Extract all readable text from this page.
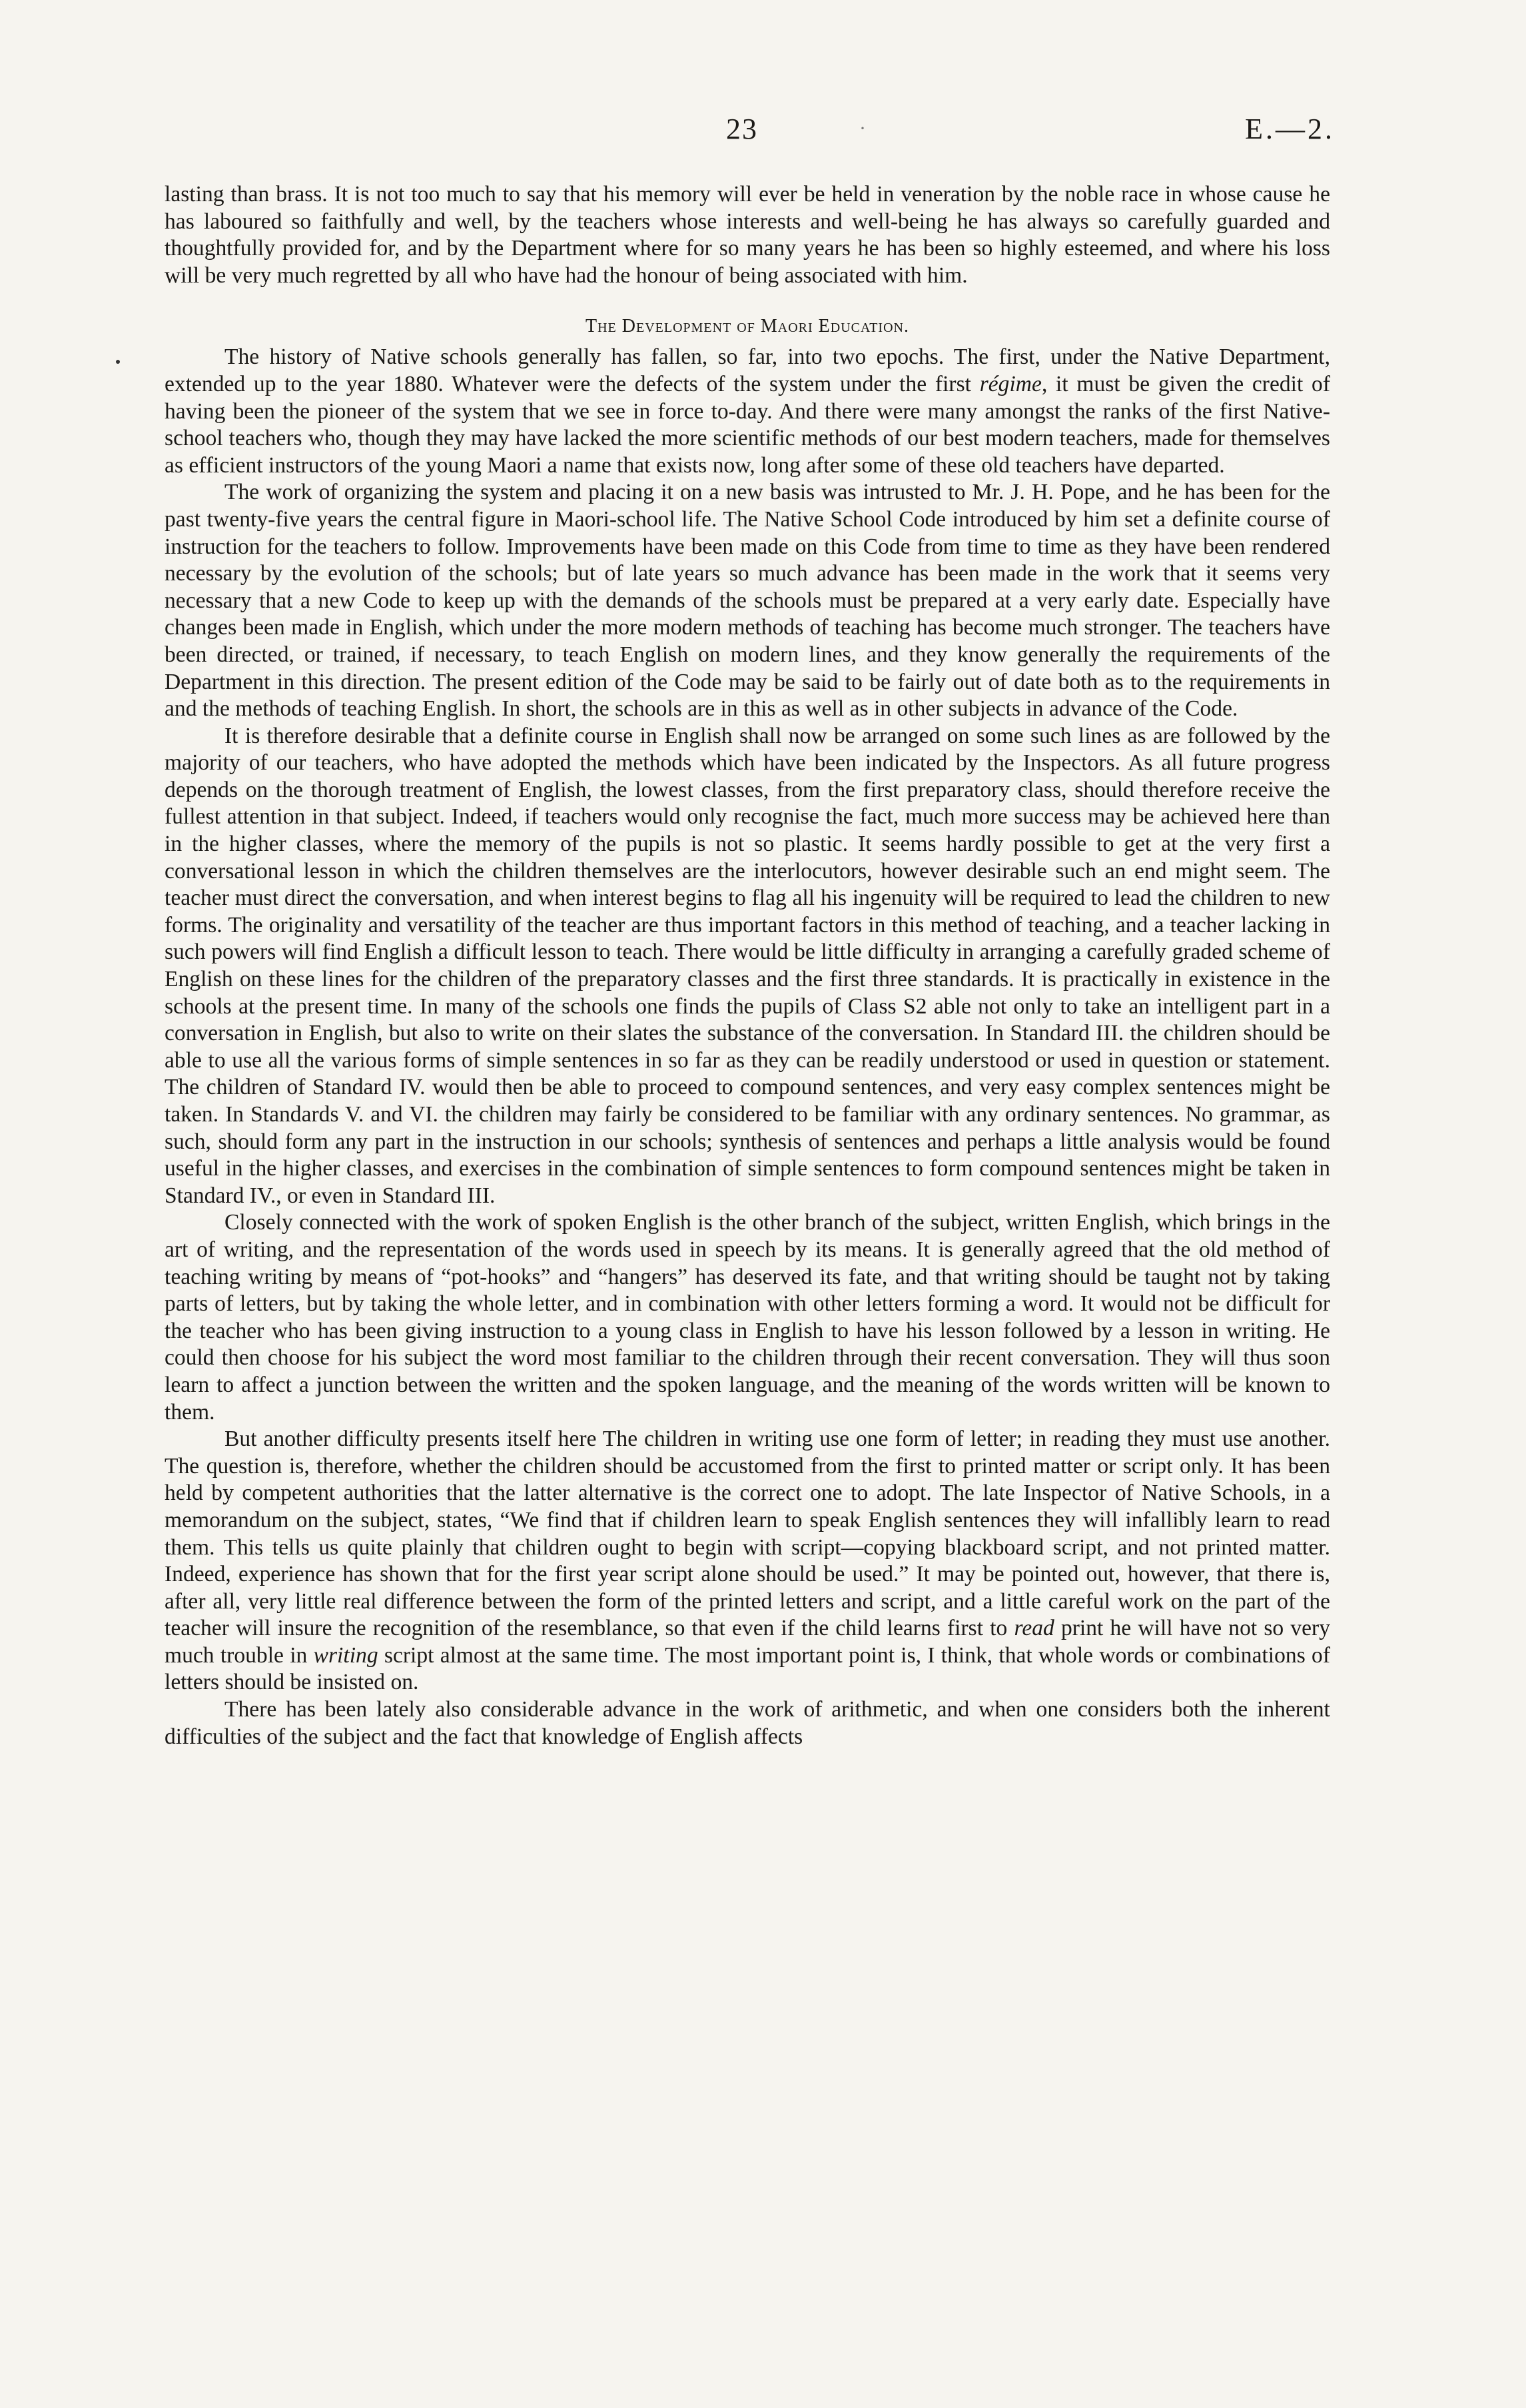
23	·	E.—2.

lasting than brass. It is not too much to say that his memory will ever be held in veneration by the noble race in whose cause he has laboured so faithfully and well, by the teachers whose interests and well-being he has always so carefully guarded and thoughtfully provided for, and by the Department where for so many years he has been so highly esteemed, and where his loss will be very much regretted by all who have had the honour of being associated with him.

The Development of Maori Education.

The history of Native schools generally has fallen, so far, into two epochs. The first, under the Native Department, extended up to the year 1880. Whatever were the defects of the system under the first régime, it must be given the credit of having been the pioneer of the system that we see in force to-day. And there were many amongst the ranks of the first Native-school teachers who, though they may have lacked the more scientific methods of our best modern teachers, made for themselves as efficient instructors of the young Maori a name that exists now, long after some of these old teachers have departed.

The work of organizing the system and placing it on a new basis was intrusted to Mr. J. H. Pope, and he has been for the past twenty-five years the central figure in Maori-school life. The Native School Code introduced by him set a definite course of instruction for the teachers to follow. Improvements have been made on this Code from time to time as they have been rendered necessary by the evolution of the schools; but of late years so much advance has been made in the work that it seems very necessary that a new Code to keep up with the demands of the schools must be prepared at a very early date. Especially have changes been made in English, which under the more modern methods of teaching has become much stronger. The teachers have been directed, or trained, if necessary, to teach English on modern lines, and they know generally the requirements of the Department in this direction. The present edition of the Code may be said to be fairly out of date both as to the requirements in and the methods of teaching English. In short, the schools are in this as well as in other subjects in advance of the Code.

It is therefore desirable that a definite course in English shall now be arranged on some such lines as are followed by the majority of our teachers, who have adopted the methods which have been indicated by the Inspectors. As all future progress depends on the thorough treatment of English, the lowest classes, from the first preparatory class, should therefore receive the fullest attention in that subject. Indeed, if teachers would only recognise the fact, much more success may be achieved here than in the higher classes, where the memory of the pupils is not so plastic. It seems hardly possible to get at the very first a conversational lesson in which the children themselves are the interlocutors, however desirable such an end might seem. The teacher must direct the conversation, and when interest begins to flag all his ingenuity will be required to lead the children to new forms. The originality and versatility of the teacher are thus important factors in this method of teaching, and a teacher lacking in such powers will find English a difficult lesson to teach. There would be little difficulty in arranging a carefully graded scheme of English on these lines for the children of the preparatory classes and the first three standards. It is practically in existence in the schools at the present time. In many of the schools one finds the pupils of Class S2 able not only to take an intelligent part in a conversation in English, but also to write on their slates the substance of the conversation. In Standard III. the children should be able to use all the various forms of simple sentences in so far as they can be readily understood or used in question or statement. The children of Standard IV. would then be able to proceed to compound sentences, and very easy complex sentences might be taken. In Standards V. and VI. the children may fairly be considered to be familiar with any ordinary sentences. No grammar, as such, should form any part in the instruction in our schools; synthesis of sentences and perhaps a little analysis would be found useful in the higher classes, and exercises in the combination of simple sentences to form compound sentences might be taken in Standard IV., or even in Standard III.

Closely connected with the work of spoken English is the other branch of the subject, written English, which brings in the art of writing, and the representation of the words used in speech by its means. It is generally agreed that the old method of teaching writing by means of “pot-hooks” and “hangers” has deserved its fate, and that writing should be taught not by taking parts of letters, but by taking the whole letter, and in combination with other letters forming a word. It would not be difficult for the teacher who has been giving instruction to a young class in English to have his lesson followed by a lesson in writing. He could then choose for his subject the word most familiar to the children through their recent conversation. They will thus soon learn to affect a junction between the written and the spoken language, and the meaning of the words written will be known to them.

But another difficulty presents itself here The children in writing use one form of letter; in reading they must use another. The question is, therefore, whether the children should be accustomed from the first to printed matter or script only. It has been held by competent authorities that the latter alternative is the correct one to adopt. The late Inspector of Native Schools, in a memorandum on the subject, states, “We find that if children learn to speak English sentences they will infallibly learn to read them. This tells us quite plainly that children ought to begin with script—copying blackboard script, and not printed matter. Indeed, experience has shown that for the first year script alone should be used.” It may be pointed out, however, that there is, after all, very little real difference between the form of the printed letters and script, and a little careful work on the part of the teacher will insure the recognition of the resemblance, so that even if the child learns first to read print he will have not so very much trouble in writing script almost at the same time. The most important point is, I think, that whole words or combinations of letters should be insisted on.

There has been lately also considerable advance in the work of arithmetic, and when one considers both the inherent difficulties of the subject and the fact that knowledge of English affects
